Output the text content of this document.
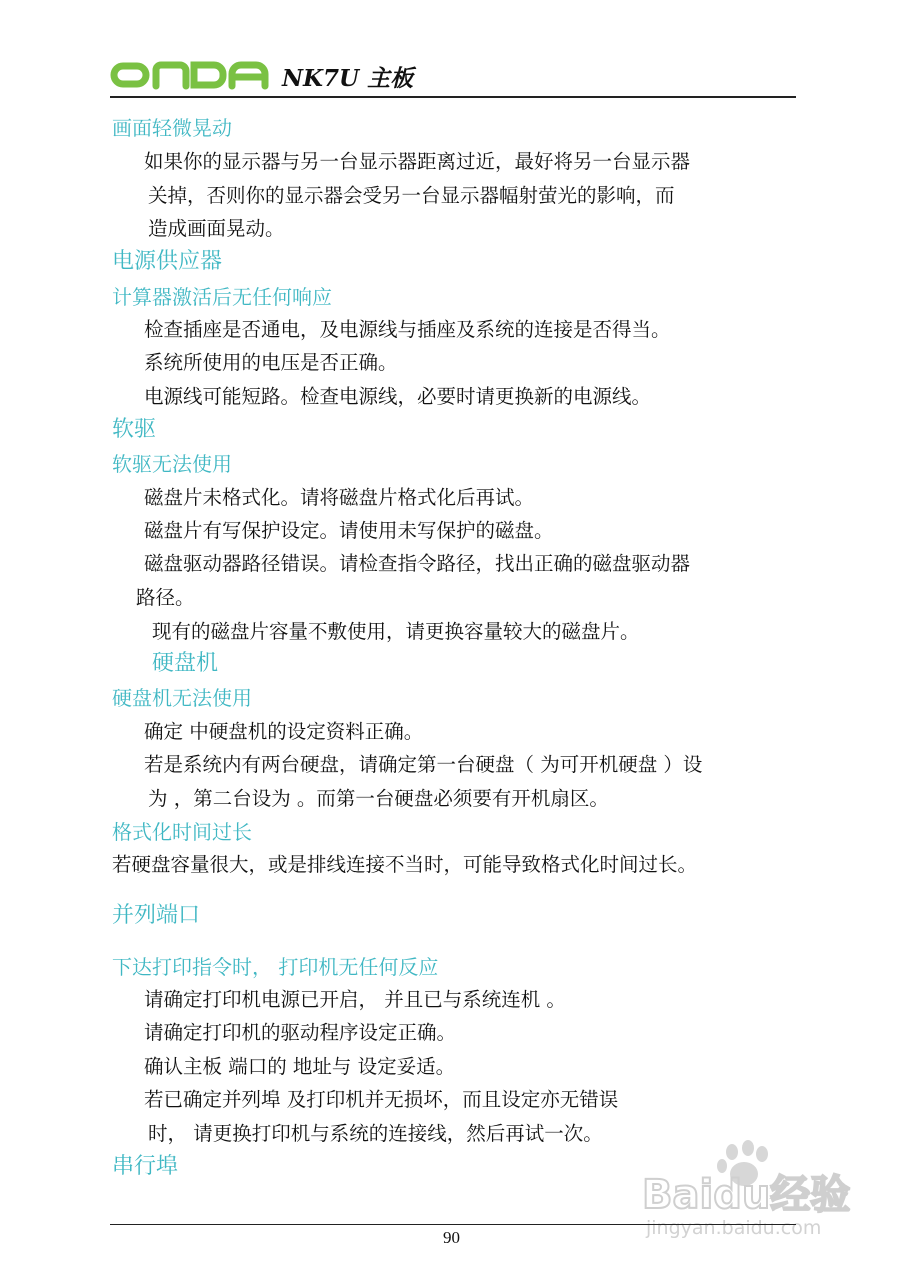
NK7U 主板
画面轻微晃动
如果你的显示器与另一台显示器距离过近，最好将另一台显示器
关掉，否则你的显示器会受另一台显示器幅射萤光的影响，而
造成画面晃动。
电源供应器
计算器激活后无任何响应
检查插座是否通电，及电源线与插座及系统的连接是否得当。
系统所使用的电压是否正确。
电源线可能短路。检查电源线，必要时请更换新的电源线。
软驱
软驱无法使用
磁盘片未格式化。请将磁盘片格式化后再试。
磁盘片有写保护设定。请使用未写保护的磁盘。
磁盘驱动器路径错误。请检查指令路径，找出正确的磁盘驱动器
路径。
现有的磁盘片容量不敷使用，请更换容量较大的磁盘片。
硬盘机
硬盘机无法使用
确定 中硬盘机的设定资料正确。
若是系统内有两台硬盘，请确定第一台硬盘（ 为可开机硬盘 ）设
为 ，第二台设为 。而第一台硬盘必须要有开机扇区。
格式化时间过长
若硬盘容量很大，或是排线连接不当时，可能导致格式化时间过长。
并列端口
下达打印指令时， 打印机无任何反应
请确定打印机电源已开启， 并且已与系统连机 。
请确定打印机的驱动程序设定正确。
确认主板 端口的 地址与 设定妥适。
若已确定并列埠 及打印机并无损坏，而且设定亦无错误
时， 请更换打印机与系统的连接线，然后再试一次。
串行埠
Baidu经验
jingyan.baidu.com
90
